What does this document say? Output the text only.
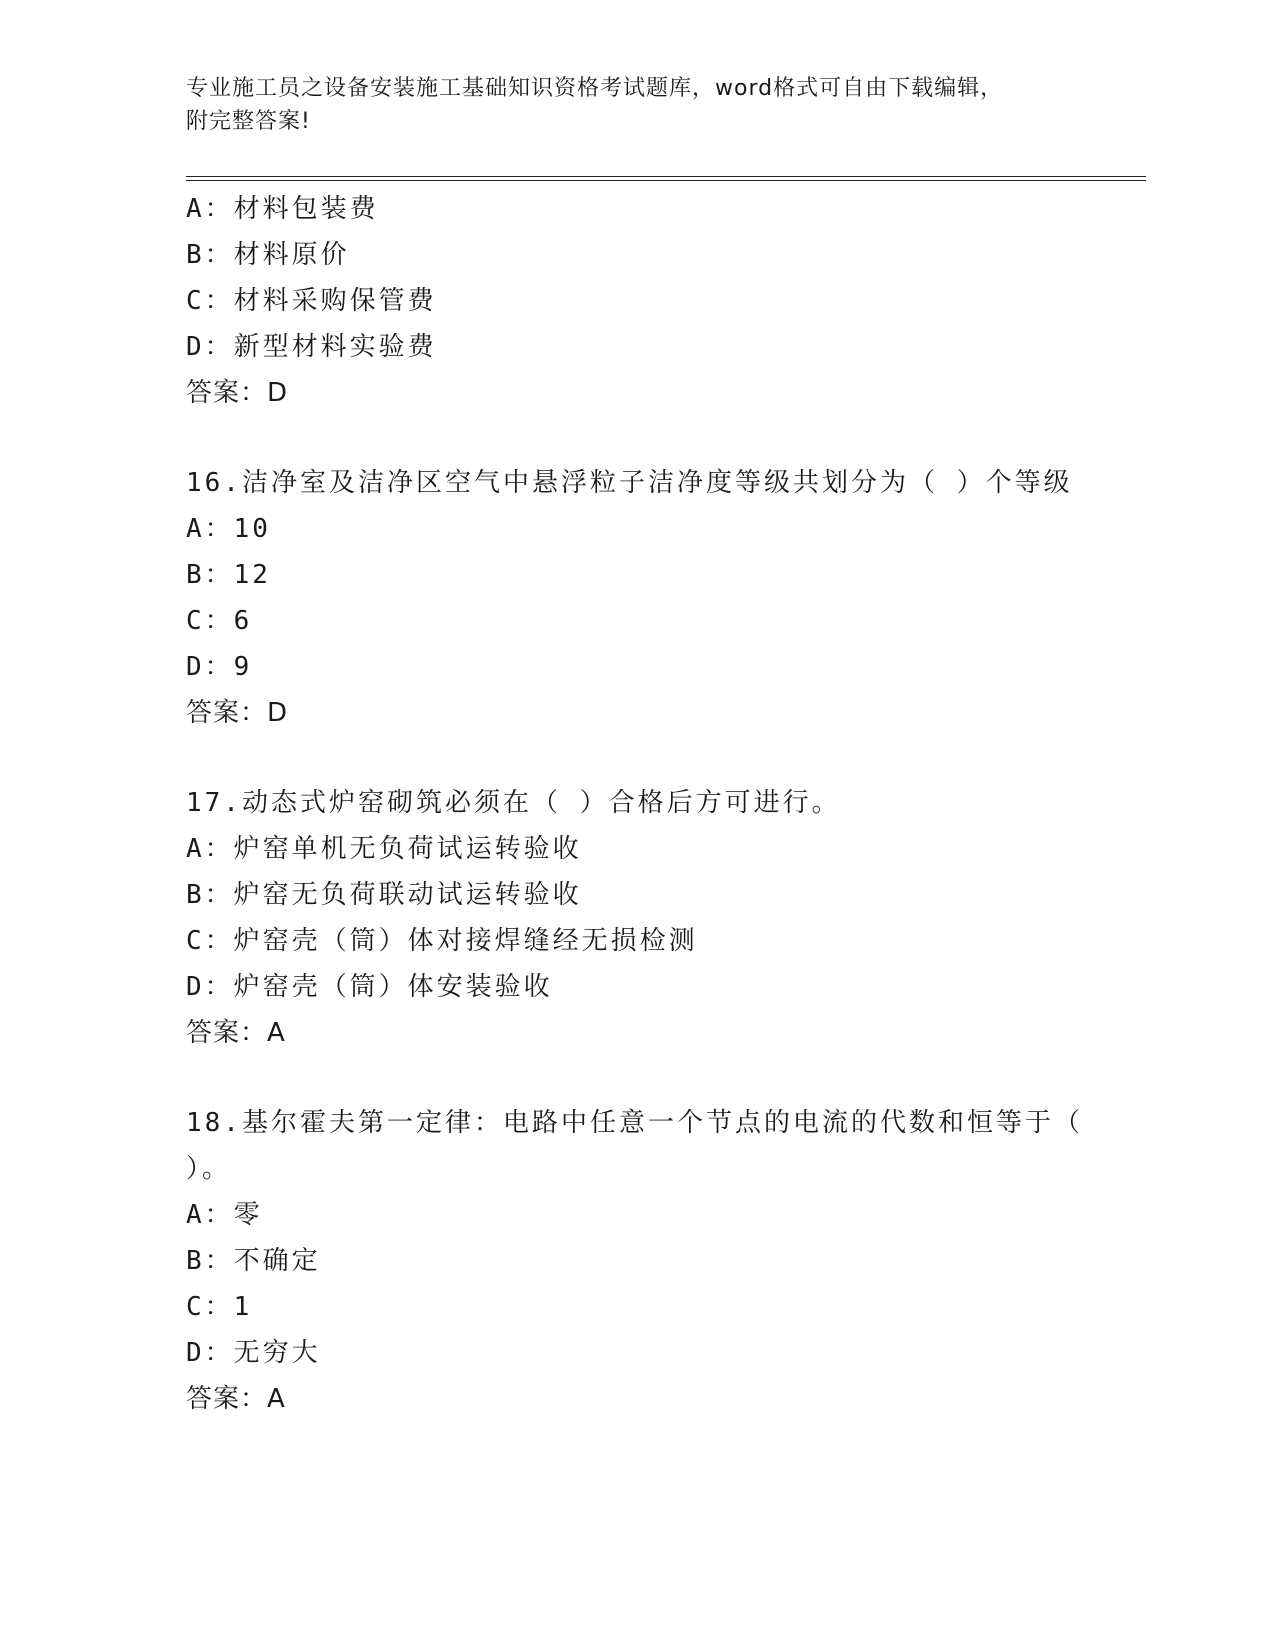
专业施工员之设备安装施工基础知识资格考试题库，word格式可自由下载编辑，
附完整答案!
A：材料包装费
B：材料原价
C：材料采购保管费
D：新型材料实验费
答案：D
16.洁净室及洁净区空气中悬浮粒子洁净度等级共划分为（ ）个等级
A：10
B：12
C：6
D：9
答案：D
17.动态式炉窑砌筑必须在（ ）合格后方可进行。
A：炉窑单机无负荷试运转验收
B：炉窑无负荷联动试运转验收
C：炉窑壳（筒）体对接焊缝经无损检测
D：炉窑壳（筒）体安装验收
答案：A
18.基尔霍夫第一定律：电路中任意一个节点的电流的代数和恒等于（
）。
A：零
B：不确定
C：1
D：无穷大
答案：A
